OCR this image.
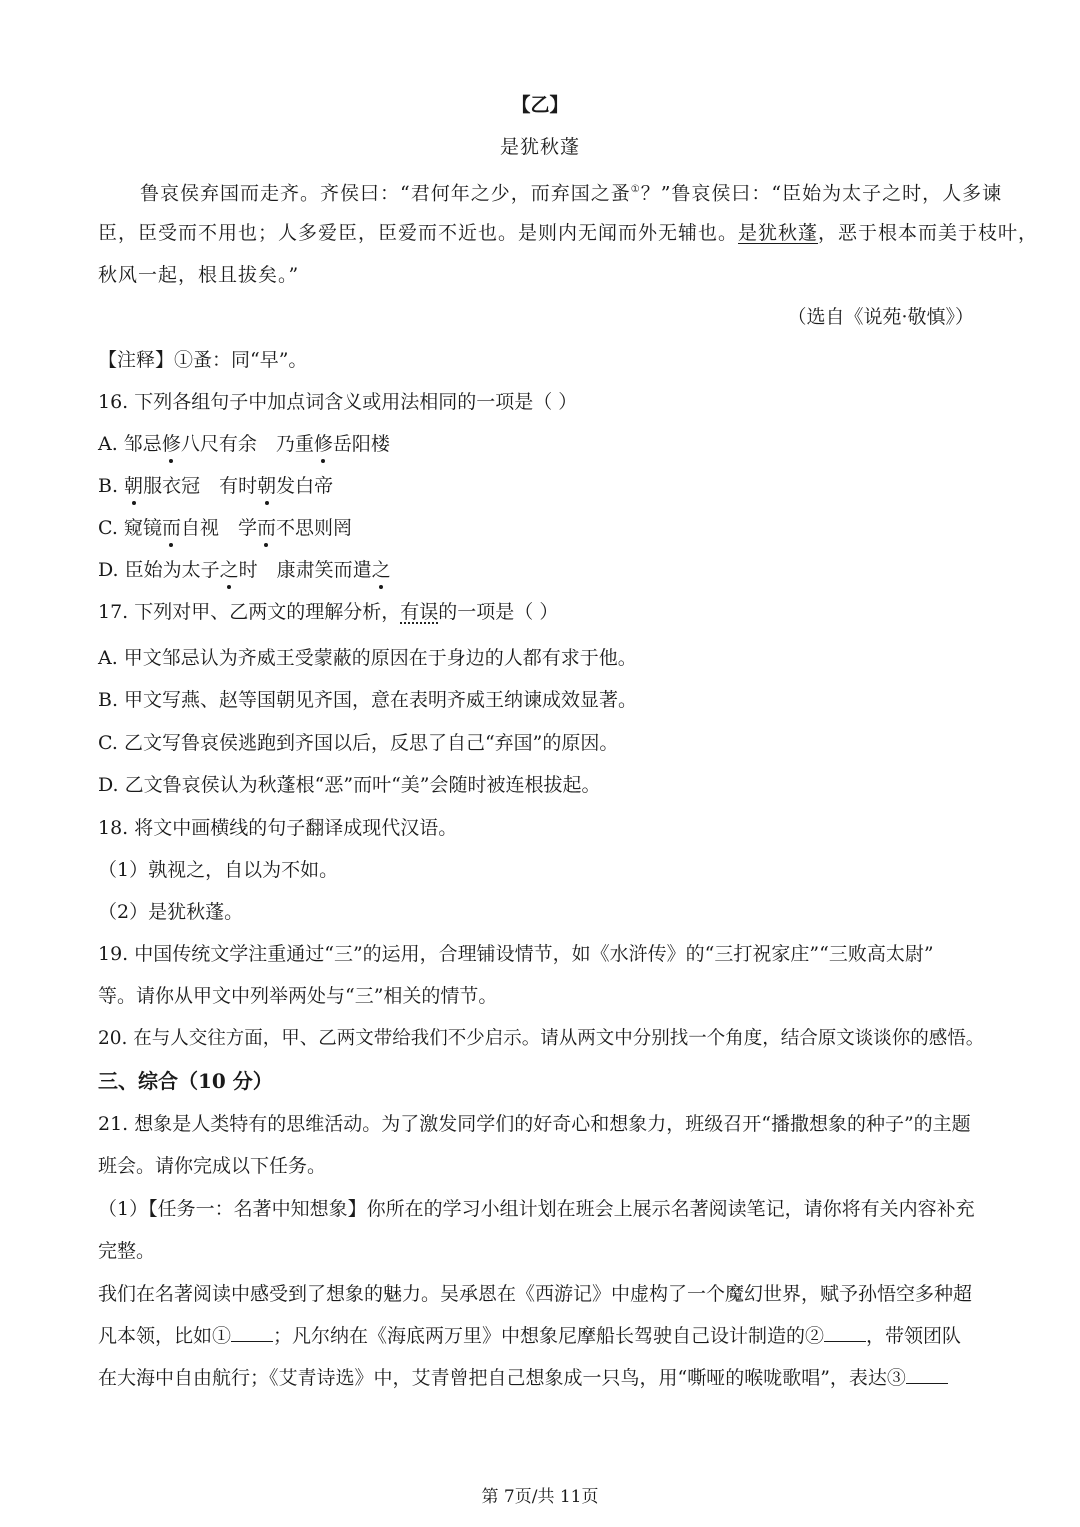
【乙】
是犹秋蓬
鲁哀侯弃国而走齐。齐侯曰：“君何年之少，而弃国之蚤①？”鲁哀侯曰：“臣始为太子之时，人多谏
臣，臣受而不用也；人多爱臣，臣爱而不近也。是则内无闻而外无辅也。是犹秋蓬，恶于根本而美于枝叶，
秋风一起，根且拔矣。”
（选自《说苑·敬慎》）
【注释】①蚤：同“早”。
16. 下列各组句子中加点词含义或用法相同的一项是（ ）
A. 邹忌修八尺有余　乃重修岳阳楼
B. 朝服衣冠　有时朝发白帝
C. 窥镜而自视　学而不思则罔
D. 臣始为太子之时　康肃笑而遣之
17. 下列对甲、乙两文的理解分析，有误的一项是（ ）
A. 甲文邹忌认为齐威王受蒙蔽的原因在于身边的人都有求于他。
B. 甲文写燕、赵等国朝见齐国，意在表明齐威王纳谏成效显著。
C. 乙文写鲁哀侯逃跑到齐国以后，反思了自己“弃国”的原因。
D. 乙文鲁哀侯认为秋蓬根“恶”而叶“美”会随时被连根拔起。
18. 将文中画横线的句子翻译成现代汉语。
（1）孰视之，自以为不如。
（2）是犹秋蓬。
19. 中国传统文学注重通过“三”的运用，合理铺设情节，如《水浒传》的“三打祝家庄”“三败高太尉”
等。请你从甲文中列举两处与“三”相关的情节。
20. 在与人交往方面，甲、乙两文带给我们不少启示。请从两文中分别找一个角度，结合原文谈谈你的感悟。
三、综合（10 分）
21. 想象是人类特有的思维活动。为了激发同学们的好奇心和想象力，班级召开“播撒想象的种子”的主题
班会。请你完成以下任务。
（1）【任务一：名著中知想象】你所在的学习小组计划在班会上展示名著阅读笔记，请你将有关内容补充
完整。
我们在名著阅读中感受到了想象的魅力。吴承恩在《西游记》中虚构了一个魔幻世界，赋予孙悟空多种超
凡本领，比如① ；凡尔纳在《海底两万里》中想象尼摩船长驾驶自己设计制造的② ，带领团队
在大海中自由航行；《艾青诗选》中，艾青曾把自己想象成一只鸟，用“嘶哑的喉咙歌唱”，表达③
第 7页/共 11页
